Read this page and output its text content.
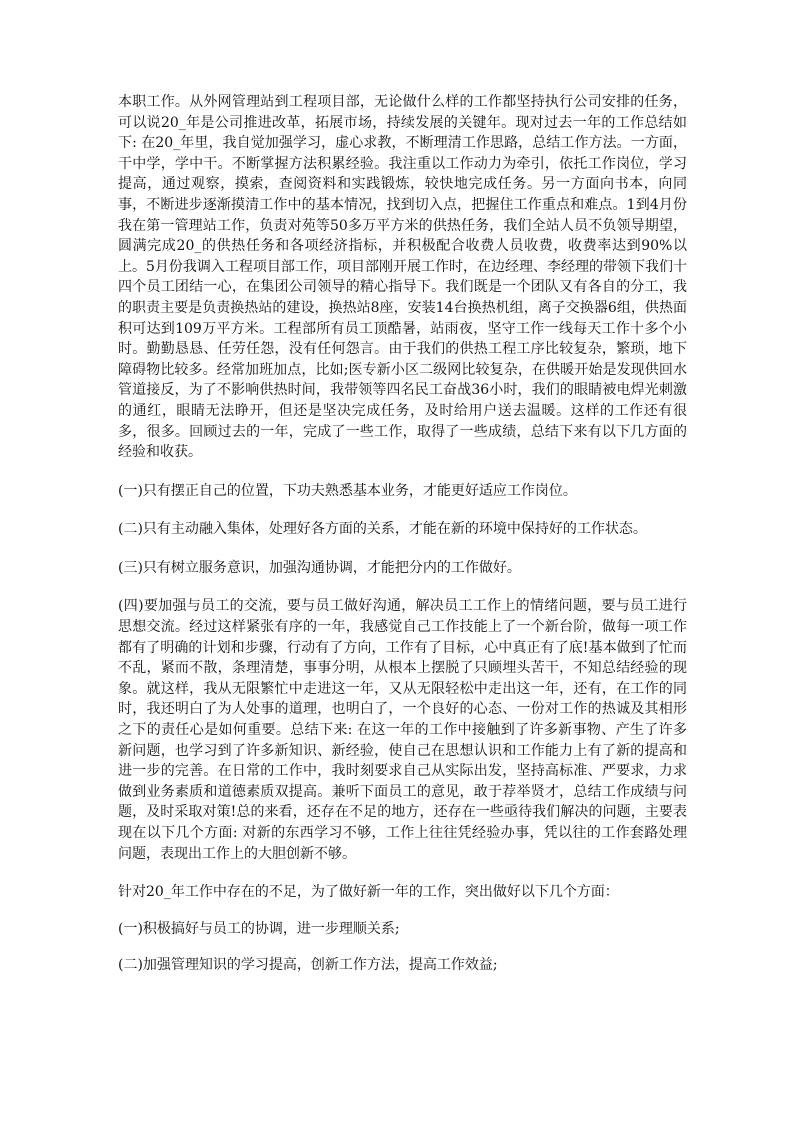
本职工作。从外网管理站到工程项目部，无论做什么样的工作都坚持执行公司安排的任务，可以说20_年是公司推进改革，拓展市场，持续发展的关键年。现对过去一年的工作总结如下: 在20_年里，我自觉加强学习，虚心求教，不断理清工作思路，总结工作方法。一方面，干中学，学中干。不断掌握方法积累经验。我注重以工作动力为牵引，依托工作岗位，学习提高，通过观察，摸索，查阅资料和实践锻炼，较快地完成任务。另一方面向书本，向同事，不断进步逐渐摸清工作中的基本情况，找到切入点，把握住工作重点和难点。1到4月份我在第一管理站工作，负责对苑等50多万平方米的供热任务，我们全站人员不负领导期望，圆满完成20_的供热任务和各项经济指标，并积极配合收费人员收费，收费率达到90%以上。5月份我调入工程项目部工作，项目部刚开展工作时，在边经理、李经理的带领下我们十四个员工团结一心，在集团公司领导的精心指导下。我们既是一个团队又有各自的分工，我的职责主要是负责换热站的建设，换热站8座，安装14台换热机组，离子交换器6组，供热面积可达到109万平方米。工程部所有员工顶酷暑，站雨夜，坚守工作一线每天工作十多个小时。勤勤恳恳、任劳任怨，没有任何怨言。由于我们的供热工程工序比较复杂，繁琐，地下障碍物比较多。经常加班加点，比如;医专新小区二级网比较复杂，在供暖开始是发现供回水管道接反，为了不影响供热时间，我带领等四名民工奋战36小时，我们的眼睛被电焊光刺激的通红，眼睛无法睁开，但还是坚决完成任务，及时给用户送去温暖。这样的工作还有很多，很多。回顾过去的一年，完成了一些工作，取得了一些成绩，总结下来有以下几方面的经验和收获。

(一)只有摆正自己的位置，下功夫熟悉基本业务，才能更好适应工作岗位。

(二)只有主动融入集体，处理好各方面的关系，才能在新的环境中保持好的工作状态。

(三)只有树立服务意识，加强沟通协调，才能把分内的工作做好。

(四)要加强与员工的交流，要与员工做好沟通，解决员工工作上的情绪问题，要与员工进行思想交流。经过这样紧张有序的一年，我感觉自己工作技能上了一个新台阶，做每一项工作都有了明确的计划和步骤，行动有了方向，工作有了目标，心中真正有了底!基本做到了忙而不乱，紧而不散，条理清楚，事事分明，从根本上摆脱了只顾埋头苦干，不知总结经验的现象。就这样，我从无限繁忙中走进这一年，又从无限轻松中走出这一年，还有，在工作的同时，我还明白了为人处事的道理，也明白了，一个良好的心态、一份对工作的热诚及其相形之下的责任心是如何重要。总结下来: 在这一年的工作中接触到了许多新事物、产生了许多新问题，也学习到了许多新知识、新经验，使自己在思想认识和工作能力上有了新的提高和进一步的完善。在日常的工作中，我时刻要求自己从实际出发，坚持高标准、严要求，力求做到业务素质和道德素质双提高。兼听下面员工的意见，敢于荐举贤才，总结工作成绩与问题，及时采取对策!总的来看，还存在不足的地方，还存在一些亟待我们解决的问题，主要表现在以下几个方面: 对新的东西学习不够，工作上往往凭经验办事，凭以往的工作套路处理问题，表现出工作上的大胆创新不够。

针对20_年工作中存在的不足，为了做好新一年的工作，突出做好以下几个方面：

(一)积极搞好与员工的协调，进一步理顺关系;

(二)加强管理知识的学习提高，创新工作方法，提高工作效益;
